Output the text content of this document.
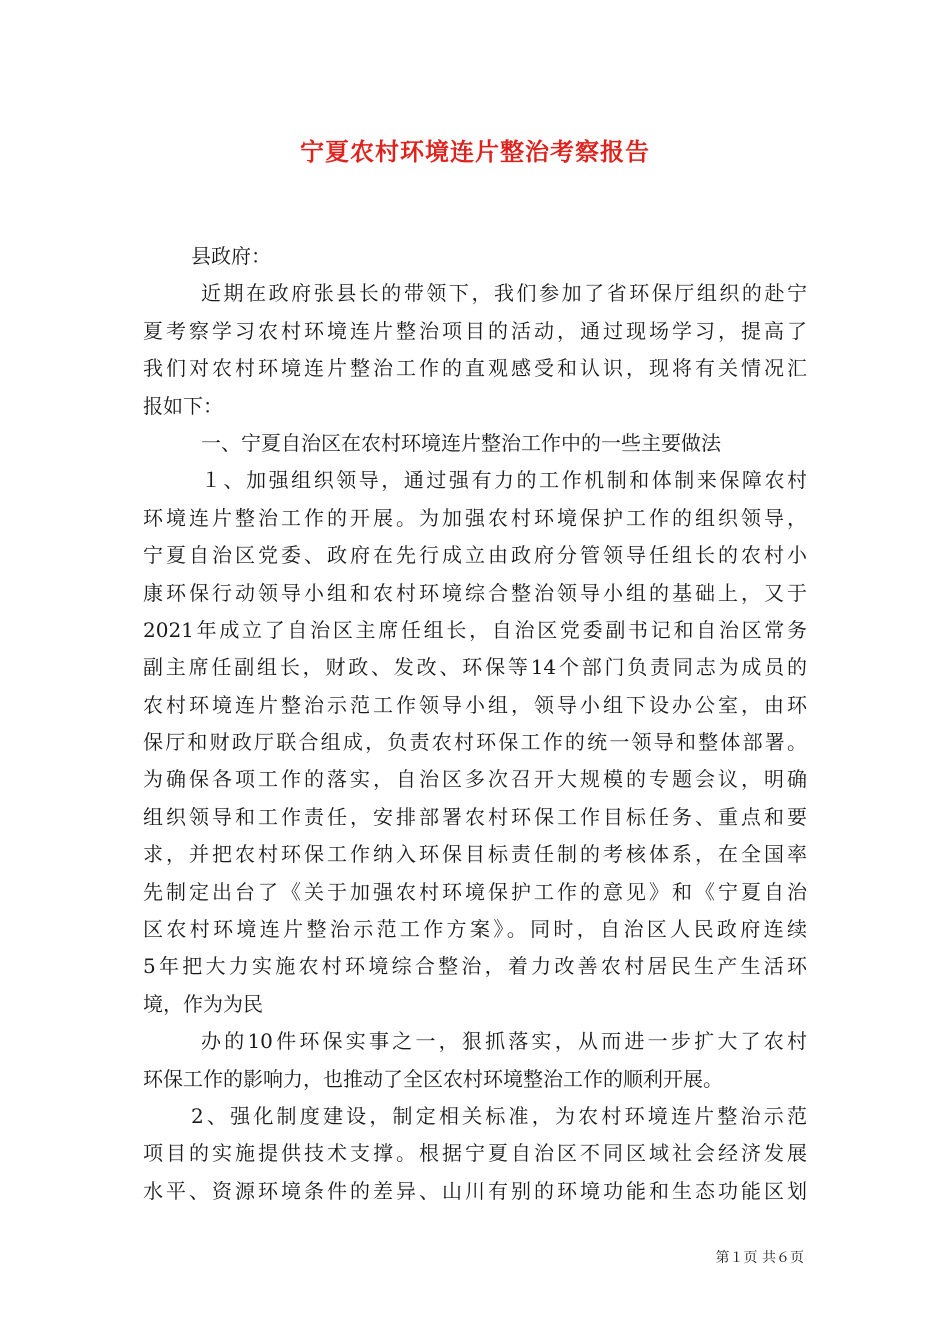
宁夏农村环境连片整治考察报告
县政府：
近期在政府张县长的带领下，我们参加了省环保厅组织的赴宁
夏考察学习农村环境连片整治项目的活动，通过现场学习，提高了
我们对农村环境连片整治工作的直观感受和认识，现将有关情况汇
报如下：
一、宁夏自治区在农村环境连片整治工作中的一些主要做法
１、加强组织领导，通过强有力的工作机制和体制来保障农村
环境连片整治工作的开展。为加强农村环境保护工作的组织领导，
宁夏自治区党委、政府在先行成立由政府分管领导任组长的农村小
康环保行动领导小组和农村环境综合整治领导小组的基础上，又于
2021年成立了自治区主席任组长，自治区党委副书记和自治区常务
副主席任副组长，财政、发改、环保等14个部门负责同志为成员的
农村环境连片整治示范工作领导小组，领导小组下设办公室，由环
保厅和财政厅联合组成，负责农村环保工作的统一领导和整体部署。
为确保各项工作的落实，自治区多次召开大规模的专题会议，明确
组织领导和工作责任，安排部署农村环保工作目标任务、重点和要
求，并把农村环保工作纳入环保目标责任制的考核体系，在全国率
先制定出台了《关于加强农村环境保护工作的意见》和《宁夏自治
区农村环境连片整治示范工作方案》。同时，自治区人民政府连续
5年把大力实施农村环境综合整治，着力改善农村居民生产生活环
境，作为为民
办的10件环保实事之一，狠抓落实，从而进一步扩大了农村
环保工作的影响力，也推动了全区农村环境整治工作的顺利开展。
2、强化制度建设，制定相关标准，为农村环境连片整治示范
项目的实施提供技术支撑。根据宁夏自治区不同区域社会经济发展
水平、资源环境条件的差异、山川有别的环境功能和生态功能区划
第１页 共６页
